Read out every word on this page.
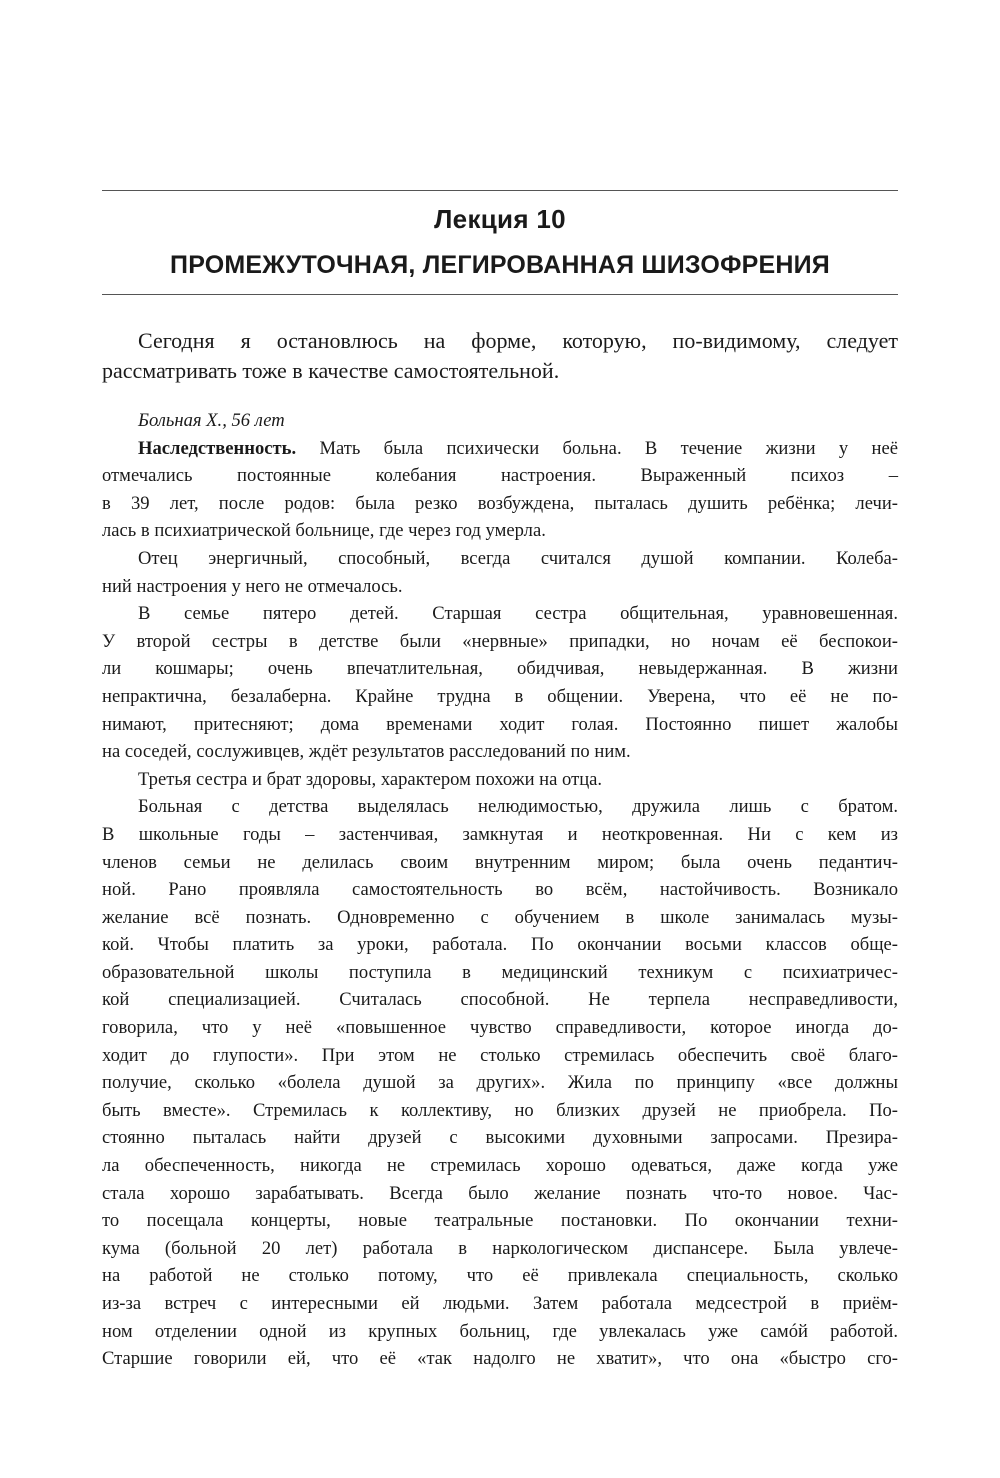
Лекция 10
ПРОМЕЖУТОЧНАЯ, ЛЕГИРОВАННАЯ ШИЗОФРЕНИЯ

Сегодня я остановлюсь на форме, которую, по-видимому, следует
рассматривать тоже в качестве самостоятельной.

Больная Х., 56 лет

Наследственность. Мать была психически больна. В течение жизни у неё
отмечались постоянные колебания настроения. Выраженный психоз –
в 39 лет, после родов: была резко возбуждена, пыталась душить ребёнка; лечи-
лась в психиатрической больнице, где через год умерла.

Отец энергичный, способный, всегда считался душой компании. Колеба-
ний настроения у него не отмечалось.

В семье пятеро детей. Старшая сестра общительная, уравновешенная.
У второй сестры в детстве были «нервные» припадки, но ночам её беспокои-
ли кошмары; очень впечатлительная, обидчивая, невыдержанная. В жизни
непрактична, безалаберна. Крайне трудна в общении. Уверена, что её не по-
нимают, притесняют; дома временами ходит голая. Постоянно пишет жалобы
на соседей, сослуживцев, ждёт результатов расследований по ним.

Третья сестра и брат здоровы, характером похожи на отца.

Больная с детства выделялась нелюдимостью, дружила лишь с братом.
В школьные годы – застенчивая, замкнутая и неоткровенная. Ни с кем из
членов семьи не делилась своим внутренним миром; была очень педантич-
ной. Рано проявляла самостоятельность во всём, настойчивость. Возникало
желание всё познать. Одновременно с обучением в школе занималась музы-
кой. Чтобы платить за уроки, работала. По окончании восьми классов обще-
образовательной школы поступила в медицинский техникум с психиатричес-
кой специализацией. Считалась способной. Не терпела несправедливости,
говорила, что у неё «повышенное чувство справедливости, которое иногда до-
ходит до глупости». При этом не столько стремилась обеспечить своё благо-
получие, сколько «болела душой за других». Жила по принципу «все должны
быть вместе». Стремилась к коллективу, но близких друзей не приобрела. По-
стоянно пыталась найти друзей с высокими духовными запросами. Презира-
ла обеспеченность, никогда не стремилась хорошо одеваться, даже когда уже
стала хорошо зарабатывать. Всегда было желание познать что-то новое. Час-
то посещала концерты, новые театральные постановки. По окончании техни-
кума (больной 20 лет) работала в наркологическом диспансере. Была увлече-
на работой не столько потому, что её привлекала специальность, сколько
из-за встреч с интересными ей людьми. Затем работала медсестрой в приём-
ном отделении одной из крупных больниц, где увлекалась уже самóй работой.
Старшие говорили ей, что её «так надолго не хватит», что она «быстро сго-
